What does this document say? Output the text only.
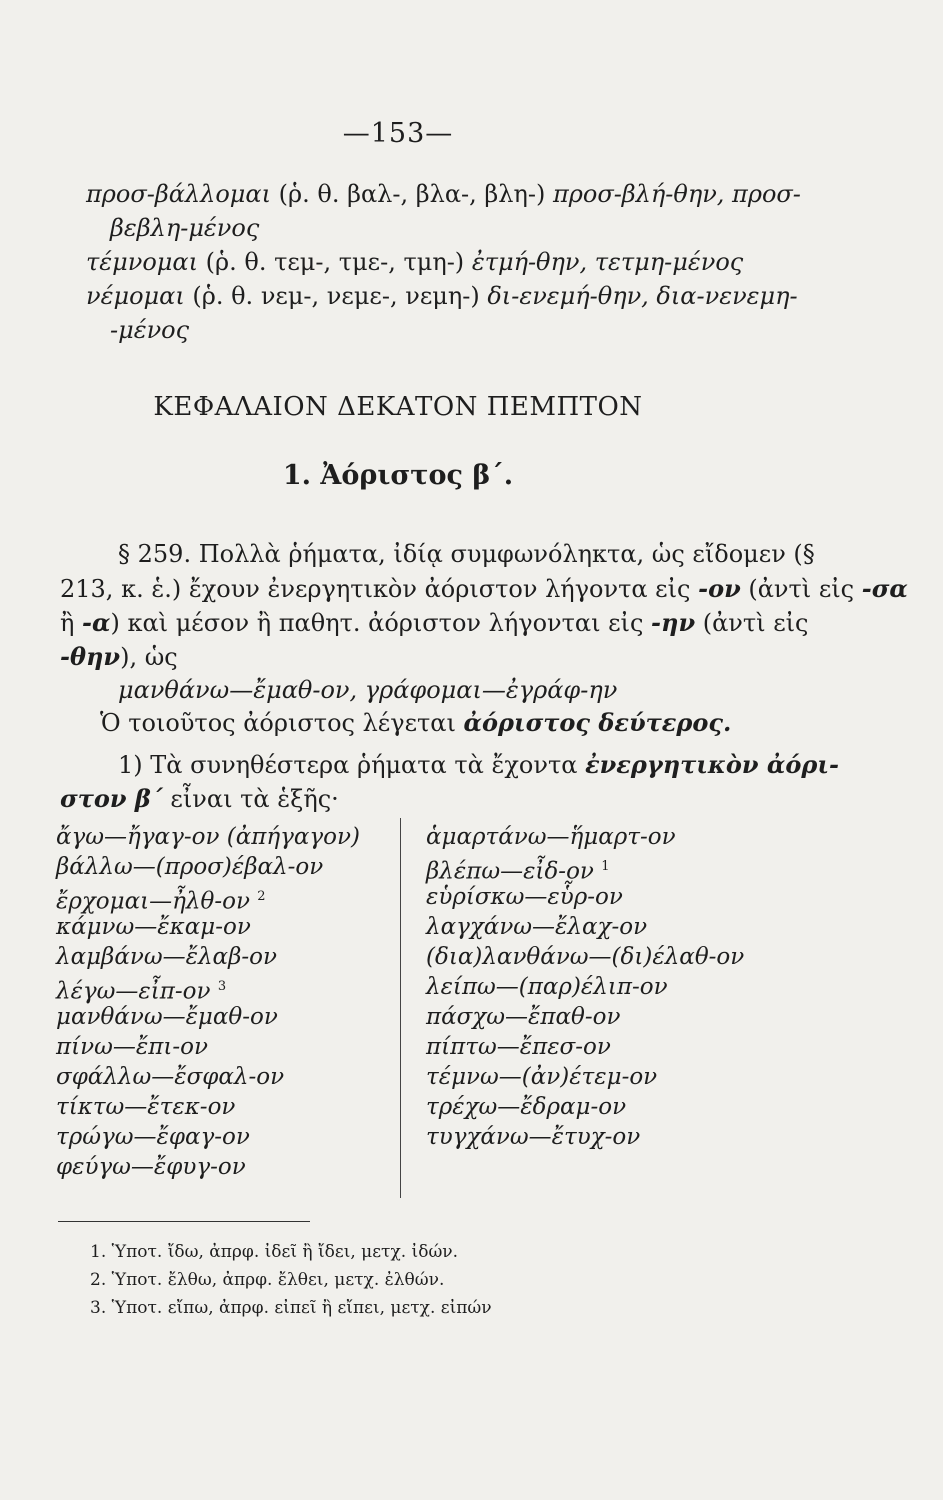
—153—
προσ-βάλλομαι (ῥ. θ. βαλ-, βλα-, βλη-) προσ-βλή-θην, προσ-
βεβλη-μένος
τέμνομαι (ῥ. θ. τεμ-, τμε-, τμη-) ἐτμή-θην, τετμη-μένος
νέμομαι (ῥ. θ. νεμ-, νεμε-, νεμη-) δι-ενεμή-θην, δια-νενεμη-
-μένος
ΚΕΦΑΛΑΙΟΝ ΔΕΚΑΤΟΝ ΠΕΜΠΤΟΝ
1. Ἀόριστος β΄.
§ 259. Πολλὰ ῥήματα, ἰδίᾳ συμφωνόληκτα, ὡς εἴδομεν (§
213, κ. ἑ.) ἔχουν ἐνεργητικὸν ἀόριστον λήγοντα εἰς -ον (ἀντὶ εἰς -σα
ἢ -α) καὶ μέσον ἢ παθητ. ἀόριστον λήγονται εἰς -ην (ἀντὶ εἰς
-θην), ὡς
μανθάνω—ἔμαθ-ον, γράφομαι—ἐγράφ-ην
Ὁ τοιοῦτος ἀόριστος λέγεται ἀόριστος δεύτερος.
1) Τὰ συνηθέστερα ῥήματα τὰ ἔχοντα ἐνεργητικὸν ἀόρι-
στον β΄ εἶναι τὰ ἑξῆς·
ἄγω—ἤγαγ-ον (ἀπήγαγον)
βάλλω—(προσ)έβαλ-ον
ἔρχομαι—ἦλθ-ον $^2$
κάμνω—ἔκαμ-ον
λαμβάνω—ἔλαβ-ον
λέγω—εἶπ-ον $^3$
μανθάνω—ἔμαθ-ον
πίνω—ἔπι-ον
σφάλλω—ἔσφαλ-ον
τίκτω—ἔτεκ-ον
τρώγω—ἔφαγ-ον
φεύγω—ἔφυγ-ον
ἁμαρτάνω—ἥμαρτ-ον
βλέπω—εἶδ-ον $^1$
εὑρίσκω—εὗρ-ον
λαγχάνω—ἔλαχ-ον
(δια)λανθάνω—(δι)έλαθ-ον
λείπω—(παρ)έλιπ-ον
πάσχω—ἔπαθ-ον
πίπτω—ἔπεσ-ον
τέμνω—(ἀν)έτεμ-ον
τρέχω—ἔδραμ-ον
τυγχάνω—ἔτυχ-ον
1. Ὑποτ. ἴδω, ἀπρφ. ἰδεῖ ἢ ἴδει, μετχ. ἰδών.
2. Ὑποτ. ἔλθω, ἀπρφ. ἔλθει, μετχ. ἐλθών.
3. Ὑποτ. εἴπω, ἀπρφ. εἰπεῖ ἢ εἴπει, μετχ. εἰπών
